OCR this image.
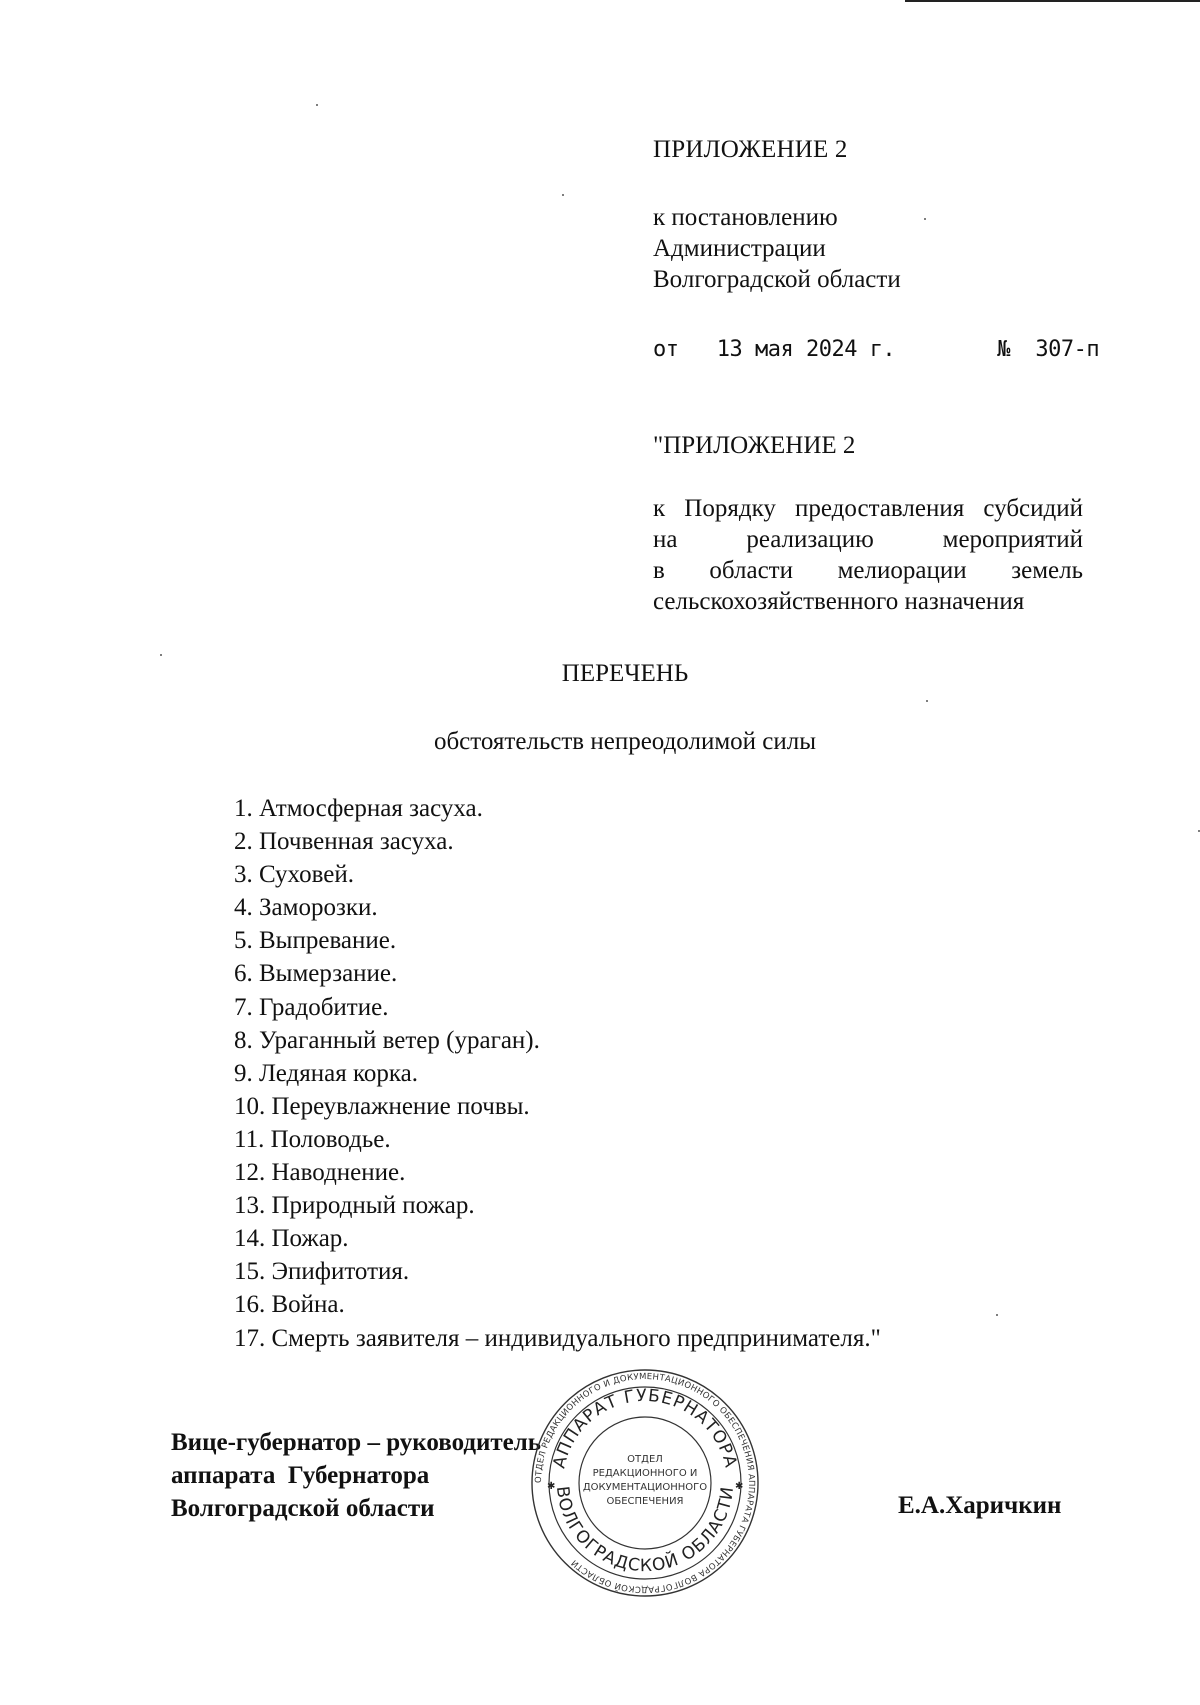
ПРИЛОЖЕНИЕ 2
к постановлению
Администрации
Волгоградской области
от 13 мая 2024 г.	№ 307-п
"ПРИЛОЖЕНИЕ 2
к Порядку предоставления субсидий
на реализацию мероприятий
в области мелиорации земель
сельскохозяйственного назначения
ПЕРЕЧЕНЬ
обстоятельств непреодолимой силы
1. Атмосферная засуха.
2. Почвенная засуха.
3. Суховей.
4. Заморозки.
5. Выпревание.
6. Вымерзание.
7. Градобитие.
8. Ураганный ветер (ураган).
9. Ледяная корка.
10. Переувлажнение почвы.
11. Половодье.
12. Наводнение.
13. Природный пожар.
14. Пожар.
15. Эпифитотия.
16. Война.
17. Смерть заявителя – индивидуального предпринимателя."
Вице-губернатор – руководитель
аппарата  Губернатора
Волгоградской области	Е.А.Харичкин
ОТДЕЛ РЕДАКЦИОННОГО И ДОКУМЕНТАЦИОННОГО ОБЕСПЕЧЕНИЯ АППАРАТА ГУБЕРНАТОРА ВОЛГОГРАДСКОЙ ОБЛАСТИ
АППАРАТ ГУБЕРНАТОРА
ВОЛГОГРАДСКОЙ ОБЛАСТИ
✱	✱
ОТДЕЛ
РЕДАКЦИОННОГО И
ДОКУМЕНТАЦИОННОГО
ОБЕСПЕЧЕНИЯ
